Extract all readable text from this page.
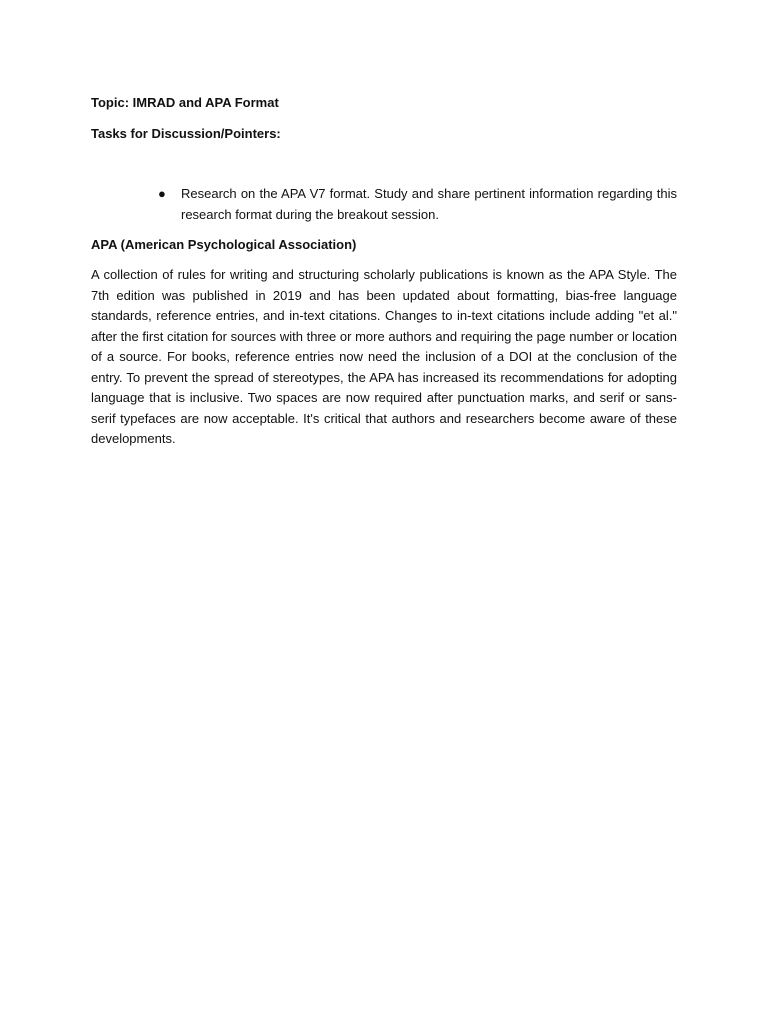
Topic: IMRAD and APA Format

Tasks for Discussion/Pointers:

● Research on the APA V7 format. Study and share pertinent information regarding this research format during the breakout session.

APA (American Psychological Association)

A collection of rules for writing and structuring scholarly publications is known as the APA Style. The 7th edition was published in 2019 and has been updated about formatting, bias-free language standards, reference entries, and in-text citations. Changes to in-text citations include adding "et al." after the first citation for sources with three or more authors and requiring the page number or location of a source. For books, reference entries now need the inclusion of a DOI at the conclusion of the entry. To prevent the spread of stereotypes, the APA has increased its recommendations for adopting language that is inclusive. Two spaces are now required after punctuation marks, and serif or sans-serif typefaces are now acceptable. It's critical that authors and researchers become aware of these developments.
